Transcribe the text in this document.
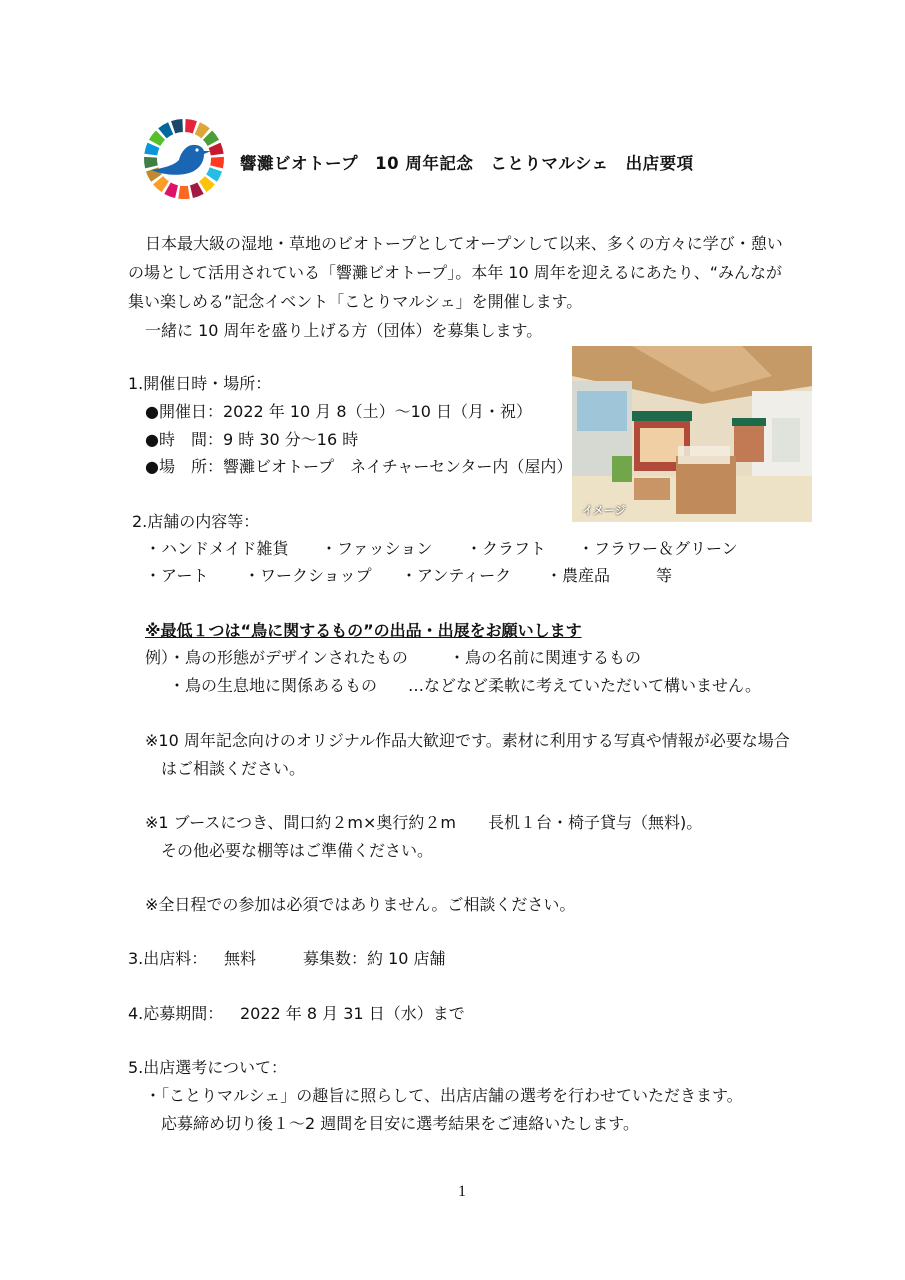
響灘ビオトープ　10 周年記念　ことりマルシェ　出店要項
日本最大級の湿地・草地のビオトープとしてオープンして以来、多くの方々に学び・憩い
の場として活用されている「響灘ビオトープ」。本年 10 周年を迎えるにあたり、“みんなが
集い楽しめる”記念イベント「ことりマルシェ」を開催します。
一緒に 10 周年を盛り上げる方（団体）を募集します。
イメージ
1.開催日時・場所：
●開催日：2022 年 10 月 8（土）～10 日（月・祝）
●時　間：9 時 30 分～16 時
●場　所：響灘ビオトープ　ネイチャーセンター内（屋内）
2.店舗の内容等：
・ハンドメイド雑貨 ・ファッション ・クラフト ・フラワー＆グリーン
・アート ・ワークショップ ・アンティーク ・農産品	等
※最低１つは“鳥に関するもの”の出品・出展をお願いします
例）
・鳥の形態がデザインされたもの	・鳥の名前に関連するもの
・鳥の生息地に関係あるもの …などなど柔軟に考えていただいて構いません。
※10 周年記念向けのオリジナル作品大歓迎です。素材に利用する写真や情報が必要な場合
はご相談ください。
※1 ブースにつき、間口約２m×奥行約２m　　長机１台・椅子貸与（無料)。
その他必要な棚等はご準備ください。
※全日程での参加は必須ではありません。ご相談ください。
3.出店料： 無料	募集数：約 10 店舗
4.応募期間： 2022 年 8 月 31 日（水）まで
5.出店選考について：
・「ことりマルシェ」の趣旨に照らして、出店店舗の選考を行わせていただきます。
応募締め切り後１～2 週間を目安に選考結果をご連絡いたします。
1
